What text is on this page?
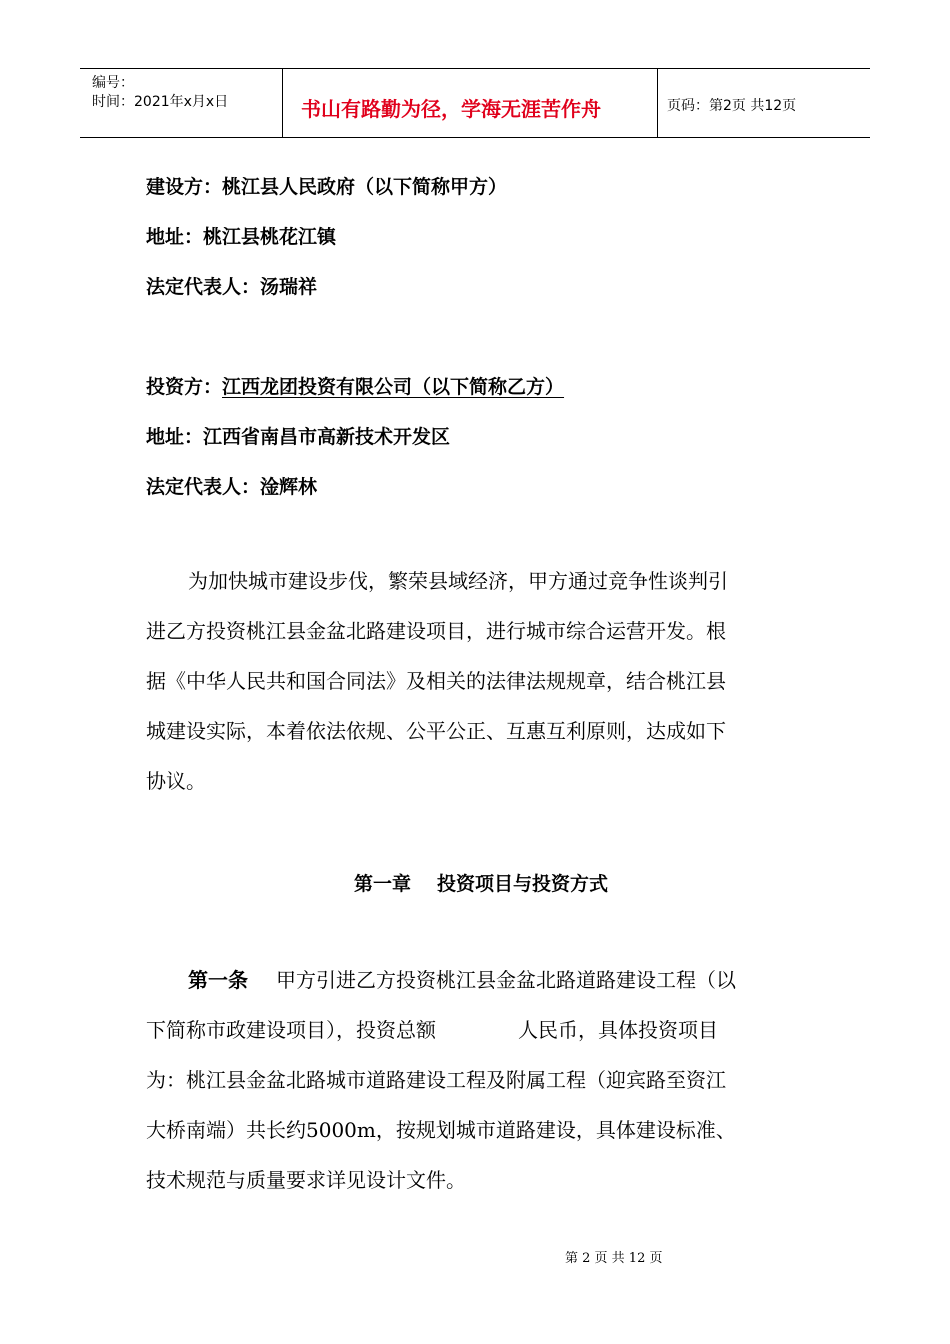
编号：
时间：2021年x月x日	书山有路勤为径，学海无涯苦作舟	页码：第2页 共12页
建设方：桃江县人民政府（以下简称甲方）
地址：桃江县桃花江镇
法定代表人：汤瑞祥
投资方：江西龙团投资有限公司（以下简称乙方）
地址：江西省南昌市高新技术开发区
法定代表人：淦辉林
为加快城市建设步伐，繁荣县域经济，甲方通过竞争性谈判引
进乙方投资桃江县金盆北路建设项目，进行城市综合运营开发。根
据《中华人民共和国合同法》及相关的法律法规规章，结合桃江县
城建设实际，本着依法依规、公平公正、互惠互利原则，达成如下
协议。
第一章 投资项目与投资方式
第一条 甲方引进乙方投资桃江县金盆北路道路建设工程（以
下简称市政建设项目），投资总额	人民币，具体投资项目
为：桃江县金盆北路城市道路建设工程及附属工程（迎宾路至资江
大桥南端）共长约5000m，按规划城市道路建设，具体建设标准、
技术规范与质量要求详见设计文件。
第 2 页 共 12 页
